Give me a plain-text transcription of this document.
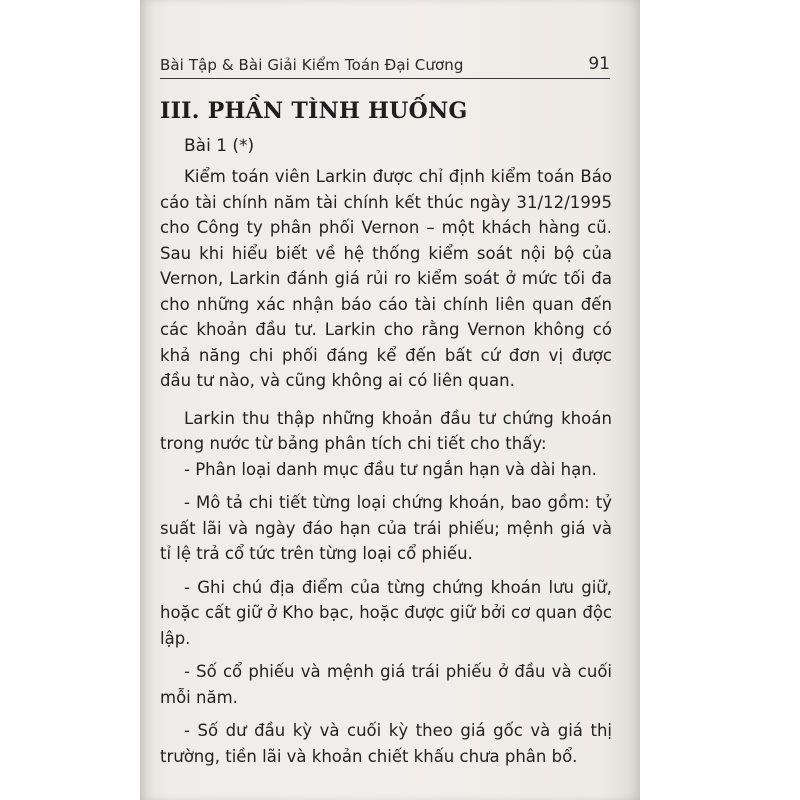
Bài Tập & Bài Giải Kiểm Toán Đại Cương	91
III. PHẦN TÌNH HUỐNG
Bài 1 (*)

Kiểm toán viên Larkin được chỉ định kiểm toán Báo cáo tài chính năm tài chính kết thúc ngày 31/12/1995 cho Công ty phân phối Vernon – một khách hàng cũ. Sau khi hiểu biết về hệ thống kiểm soát nội bộ của Vernon, Larkin đánh giá rủi ro kiểm soát ở mức tối đa cho những xác nhận báo cáo tài chính liên quan đến các khoản đầu tư. Larkin cho rằng Vernon không có khả năng chi phối đáng kể đến bất cứ đơn vị được đầu tư nào, và cũng không ai có liên quan.

Larkin thu thập những khoản đầu tư chứng khoán trong nước từ bảng phân tích chi tiết cho thấy:

- Phân loại danh mục đầu tư ngắn hạn và dài hạn.

- Mô tả chi tiết từng loại chứng khoán, bao gồm: tỷ suất lãi và ngày đáo hạn của trái phiếu; mệnh giá và tỉ lệ trả cổ tức trên từng loại cổ phiếu.

- Ghi chú địa điểm của từng chứng khoán lưu giữ, hoặc cất giữ ở Kho bạc, hoặc được giữ bởi cơ quan độc lập.

- Số cổ phiếu và mệnh giá trái phiếu ở đầu và cuối mỗi năm.

- Số dư đầu kỳ và cuối kỳ theo giá gốc và giá thị trường, tiền lãi và khoản chiết khấu chưa phân bổ.
